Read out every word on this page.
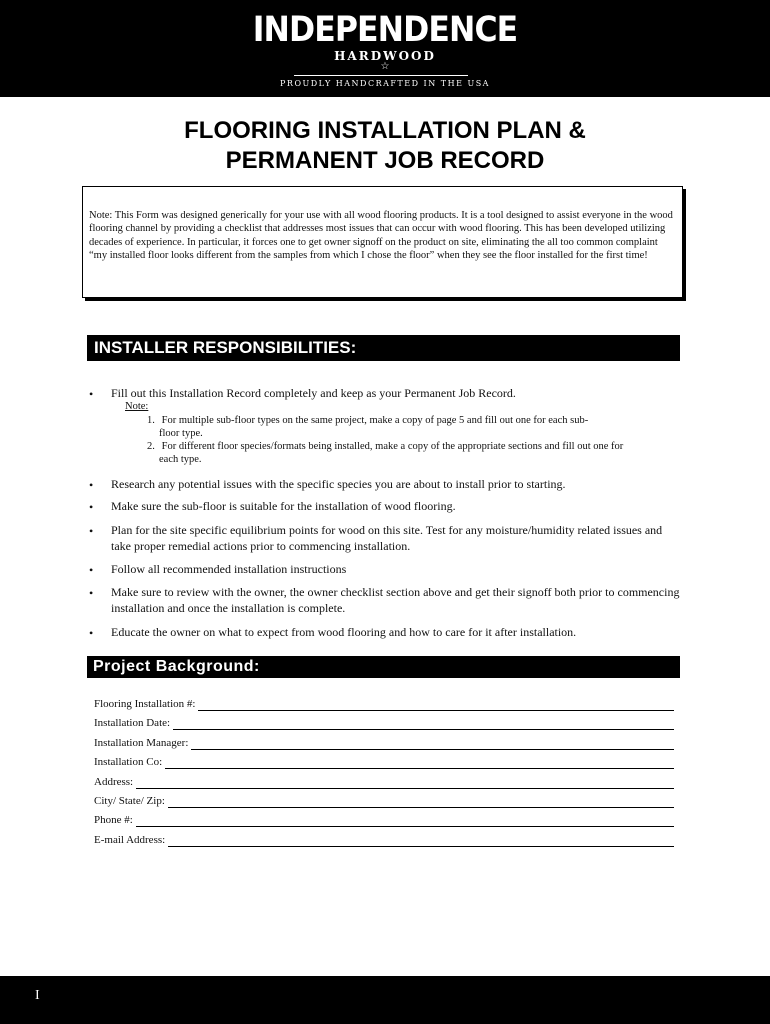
INDEPENDENCE
HARDWOOD
☆
PROUDLY HANDCRAFTED IN THE USA
FLOORING INSTALLATION PLAN &
PERMANENT JOB RECORD
Note: This Form was designed generically for your use with all wood flooring products. It is a tool designed to assist everyone in the wood flooring channel by providing a checklist that addresses most issues that can occur with wood flooring. This has been developed utilizing decades of experience. In particular, it forces one to get owner signoff on the product on site, eliminating the all too common complaint “my installed floor looks different from the samples from which I chose the floor” when they see the floor installed for the first time!
INSTALLER RESPONSIBILITIES:
• Fill out this Installation Record completely and keep as your Permanent Job Record.
Note:
1. For multiple sub-floor types on the same project, make a copy of page 5 and fill out one for each sub-
floor type.
2. For different floor species/formats being installed, make a copy of the appropriate sections and fill out one for
each type.
• Research any potential issues with the specific species you are about to install prior to starting.
• Make sure the sub-floor is suitable for the installation of wood flooring.
• Plan for the site specific equilibrium points for wood on this site. Test for any moisture/humidity related issues and take proper remedial actions prior to commencing installation.
• Follow all recommended installation instructions
• Make sure to review with the owner, the owner checklist section above and get their signoff both prior to commencing installation and once the installation is complete.
• Educate the owner on what to expect from wood flooring and how to care for it after installation.
Project Background:
Flooring Installation #:
Installation Date:
Installation Manager:
Installation Co:
Address:
City/ State/ Zip:
Phone #:
E-mail Address:
I
